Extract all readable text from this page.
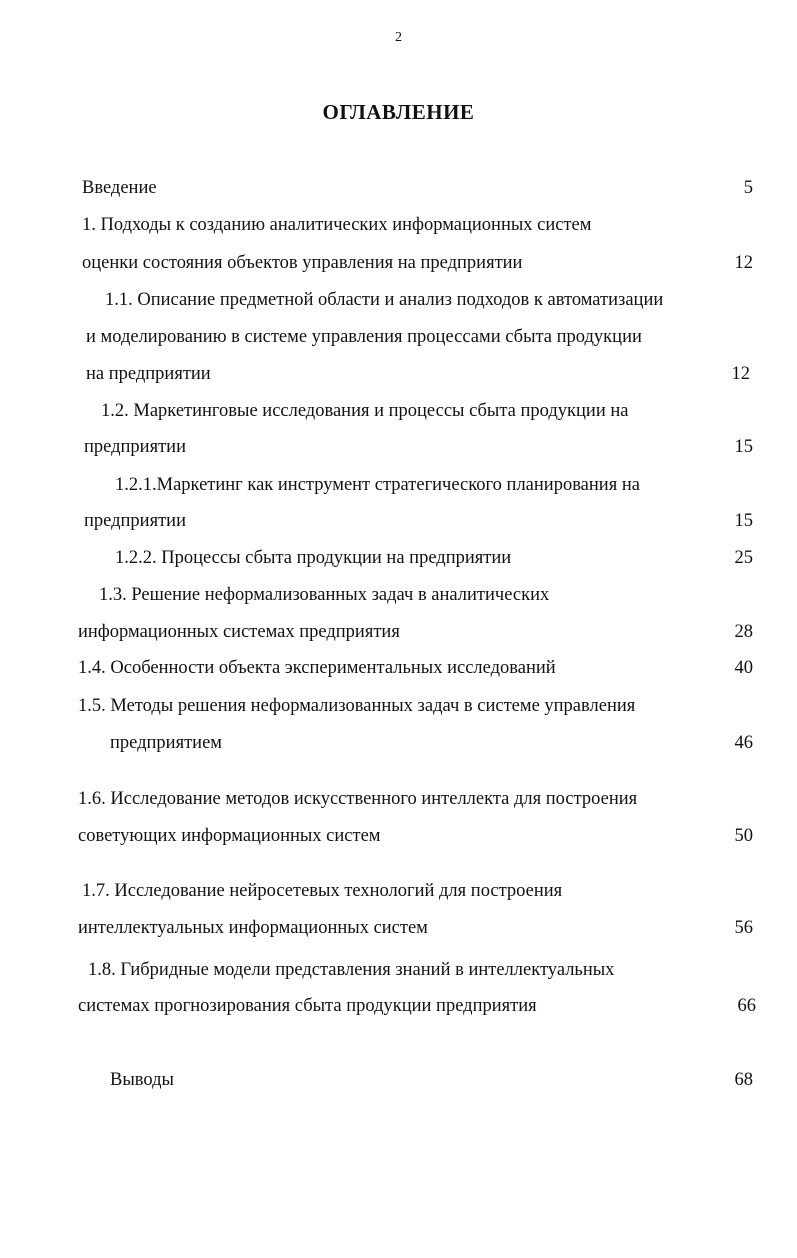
2
ОГЛАВЛЕНИЕ
Введение	5
1. Подходы к созданию аналитических информационных систем
оценки состояния объектов управления на предприятии	12
1.1. Описание предметной области и анализ подходов к автоматизации
и моделированию в системе управления процессами сбыта продукции
на предприятии	12
1.2. Маркетинговые исследования и процессы сбыта продукции на
предприятии	15
1.2.1.Маркетинг как инструмент стратегического планирования на
предприятии	15
1.2.2. Процессы сбыта продукции на предприятии	25
1.3. Решение неформализованных задач в аналитических
информационных системах предприятия	28
1.4. Особенности объекта экспериментальных исследований	40
1.5. Методы решения неформализованных задач в системе управления
предприятием	46
1.6. Исследование методов искусственного интеллекта для построения
советующих информационных систем	50
1.7. Исследование нейросетевых технологий для построения
интеллектуальных информационных систем	56
1.8. Гибридные модели представления знаний в интеллектуальных
системах прогнозирования сбыта продукции предприятия	66
Выводы	68
